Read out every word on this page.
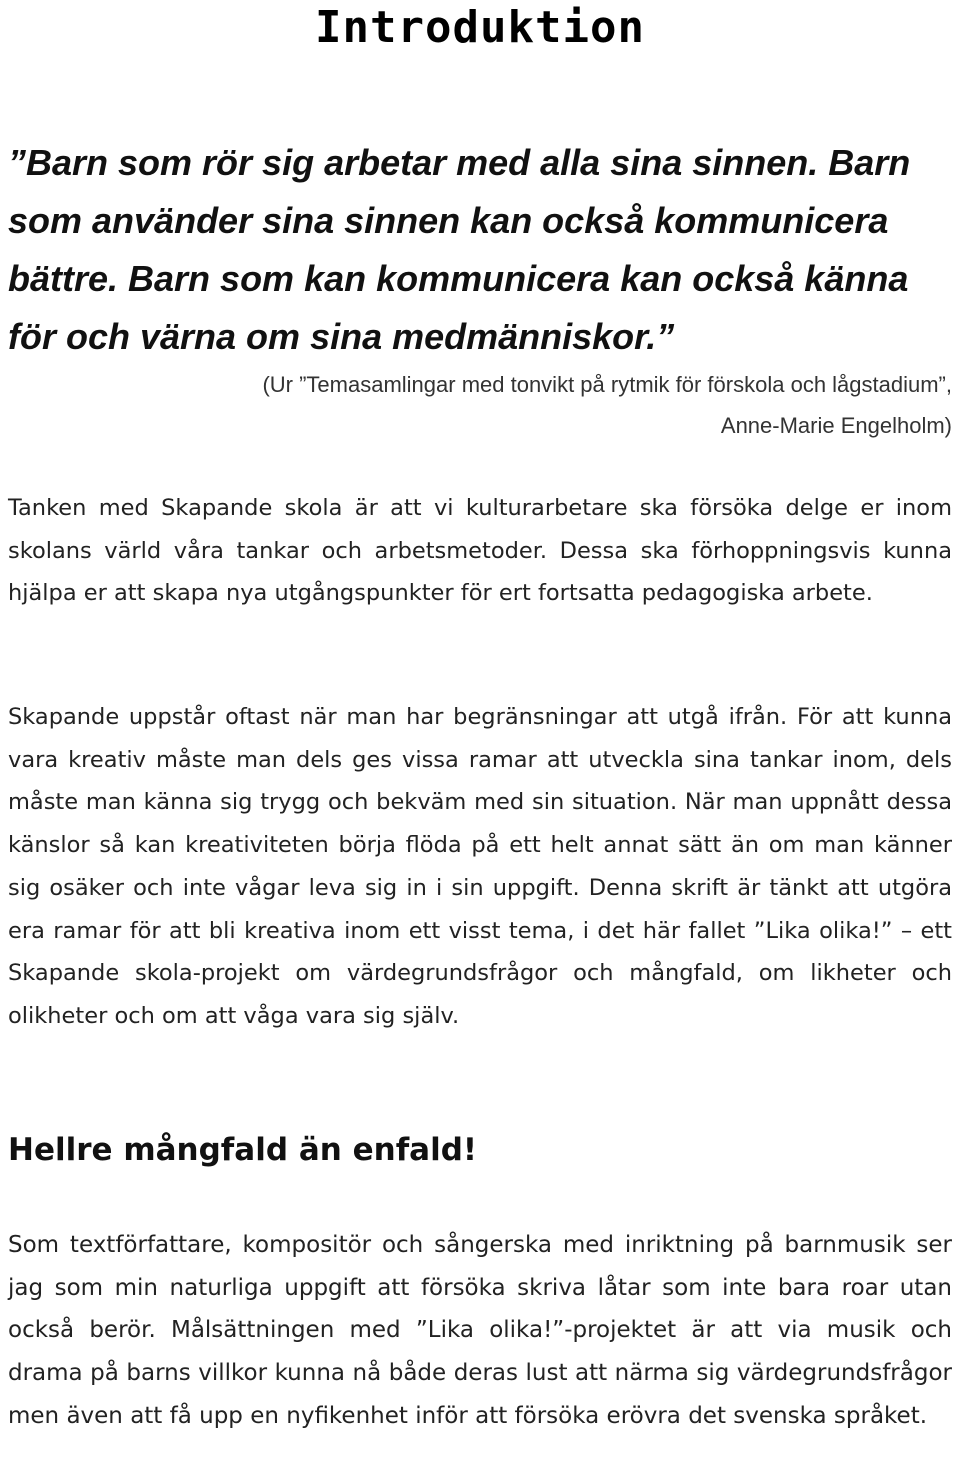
Introduktion

”Barn som rör sig arbetar med alla sina sinnen. Barn som använder sina sinnen kan också kommunicera bättre. Barn som kan kommunicera kan också känna för och värna om sina medmänniskor.”

(Ur ”Temasamlingar med tonvikt på rytmik för förskola och lågstadium”,
Anne-Marie Engelholm)

Tanken med Skapande skola är att vi kulturarbetare ska försöka delge er inom skolans värld våra tankar och arbetsmetoder. Dessa ska förhoppningsvis kunna hjälpa er att skapa nya utgångspunkter för ert fortsatta pedagogiska arbete.

Skapande uppstår oftast när man har begränsningar att utgå ifrån. För att kunna vara kreativ måste man dels ges vissa ramar att utveckla sina tankar inom, dels måste man känna sig trygg och bekväm med sin situation. När man uppnått dessa känslor så kan kreativiteten börja flöda på ett helt annat sätt än om man känner sig osäker och inte vågar leva sig in i sin uppgift. Denna skrift är tänkt att utgöra era ramar för att bli kreativa inom ett visst tema, i det här fallet ”Lika olika!” – ett Skapande skola-projekt om värdegrundsfrågor och mångfald, om likheter och olikheter och om att våga vara sig själv.

Hellre mångfald än enfald!

Som textförfattare, kompositör och sångerska med inriktning på barnmusik ser jag som min naturliga uppgift att försöka skriva låtar som inte bara roar utan också berör. Målsättningen med ”Lika olika!”-projektet är att via musik och drama på barns villkor kunna nå både deras lust att närma sig värdegrundsfrågor men även att få upp en nyfikenhet inför att försöka erövra det svenska språket.
